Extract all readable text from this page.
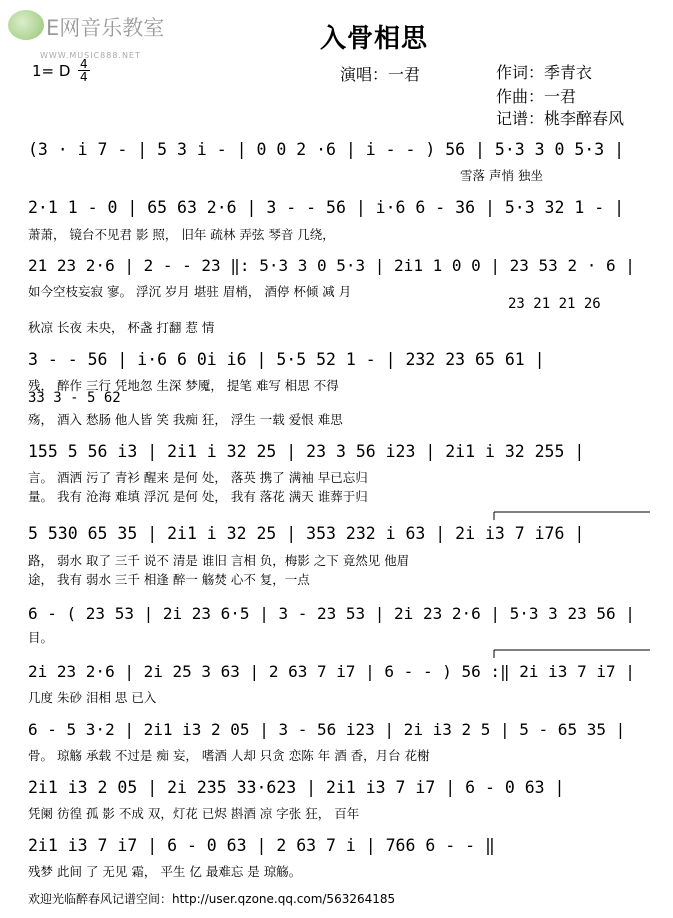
E网音乐教室
WWW.MUSIC888.NET
入骨相思
1= D $\frac{4}{4}$	演唱：一君	作词：季青衣
作曲：一君
记谱：桃李醉春风
(3 · i 7 - | 5 3 i - | 0 0 2 ·6 | i - - ) 56 | 5·3 3 0 5·3 |
雪落 声悄 独坐
2·1 1 - 0 | 65 63 2·6 | 3 - - 56 | i·6 6 - 36 | 5·3 32 1 - |
萧萧， 镜台不见君 影 照， 旧年 疏林 弄弦 琴音 几绕，
21 23 2·6 | 2 - - 23 ‖: 5·3 3 0 5·3 | 2i1 1 0 0 | 23 53 2 · 6 |
如今空枝妄寂 寥。 浮沉 岁月 堪驻 眉梢， 酒停 杯倾 减 月
23 21 21 26
秋凉 长夜 未央， 杯盏 打翻 惹 情
3 - - 56 | i·6 6 0i i6 | 5·5 52 1 - | 232 23 65 61 |
残， 醉作 三行 凭地忽 生深 梦魇， 提笔 难写 相思 不得
33 3 - 5 62
殇， 酒入 愁肠 他人皆 笑 我痴 狂， 浮生 一载 爱恨 难思
155 5 56 i3 | 2i1 i 32 25 | 23 3 56 i23 | 2i1 i 32 255 |
言。 酒洒 污了 青衫 醒来 是何 处， 落英 携了 满袖 早已忘归
量。 我有 沧海 难填 浮沉 是何 处， 我有 落花 满天 谁葬于归
5 530 65 35 | 2i1 i 32 25 | 353 232 i 63 | 2i i3 7 i76 |
路， 弱水 取了 三千 说不 清是 谁旧 言相 负，梅影 之下 竟然见 他眉
途， 我有 弱水 三千 相逢 醉一 觞焚 心不 复，一点
6 - ( 23 53 | 2i 23 6·5 | 3 - 23 53 | 2i 23 2·6 | 5·3 3 23 56 |
目。
2i 23 2·6 | 2i 25 3 63 | 2 63 7 i7 | 6 - - ) 56 :‖ 2i i3 7 i7 |
几度 朱砂 泪相 思 已入
6 - 5 3·2 | 2i1 i3 2 05 | 3 - 56 i23 | 2i i3 2 5 | 5 - 65 35 |
骨。 琼觞 承载 不过是 痴 妄， 嗜酒 人却 只贪 恋陈 年 酒 香，月台 花榭
2i1 i3 2 05 | 2i 235 33·623 | 2i1 i3 7 i7 | 6 - 0 63 |
凭阑 彷徨 孤 影 不成 双，灯花 已烬 斟酒 凉 字张 狂， 百年
2i1 i3 7 i7 | 6 - 0 63 | 2 63 7 i | 766 6 - - ‖
残梦 此间 了 无见 霜， 平生 亿 最难忘 是 琼觞。
欢迎光临醉春风记谱空间：http://user.qzone.qq.com/563264185
